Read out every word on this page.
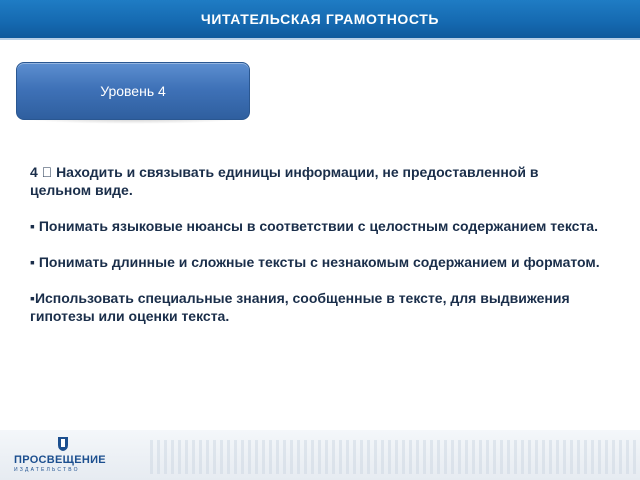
ЧИТАТЕЛЬСКАЯ ГРАМОТНОСТЬ
Уровень 4

4 Находить и связывать единицы информации, не предоставленной в цельном виде.

▪ Понимать языковые нюансы в соответствии с целостным содержанием текста.

▪ Понимать длинные и сложные тексты с незнакомым содержанием и форматом.

▪Использовать специальные знания, сообщенные в тексте, для выдвижения гипотезы или оценки текста.

ПРОСВЕЩЕНИЕ
ИЗДАТЕЛЬСТВО
